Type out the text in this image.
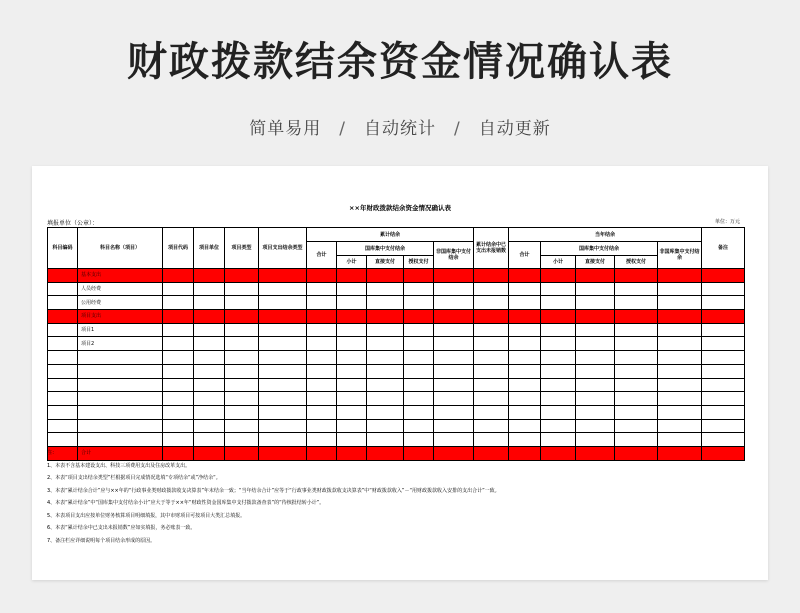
财政拨款结余资金情况确认表
简单易用 / 自动统计 / 自动更新
××年财政拨款结余资金情况确认表
填报单位（公章）：	单位：万元
科目编码	科目名称（项目）	项目代码	项目单位	项目类型	项目支出结余类型	累计结余					累计结余中已支出未报销数	当年结余					备注
						合计	国库集中支付结余			非国库集中支付结余		合计	国库集中支付结余			非国库集中支付结余	
							小计	直接支付	授权支付				小计	直接支付	授权支付		
	基本支出																
	人员经费																
	公用经费																
	项目支出																
	项目1																
	项目2																

	合计																
注：
1、本表不含基本建设支出、科技三项费用支出及住房改革支出。
2、本表“项目支出结余类型”栏根据项目完成情况选填“专项结余“或”净结余“。
3、本表“累计结余合计”应与××年的“行政事业类财政拨款收支决算表”年末结余一致；“当年结余合计”应等于“行政事业类财政拨款收支决算表”中“财政拨款收入”－“用财政拨款收入安排的支出合计”一致。
4、本表“累计结余”中“国库集中支付结余小计”应大于等于××年“财政性资金国库集中支付拨款备查表”的“待核批结转小计”。
5、本表项目支出应按单位财务核算项目明细填报，其中市财项目可按项目大类汇总填报。
6、本表“累计结余中已支出未报销数”应如实填报，务必账表一致。
7、备注栏应详细说明每个项目结余形成的原因。
